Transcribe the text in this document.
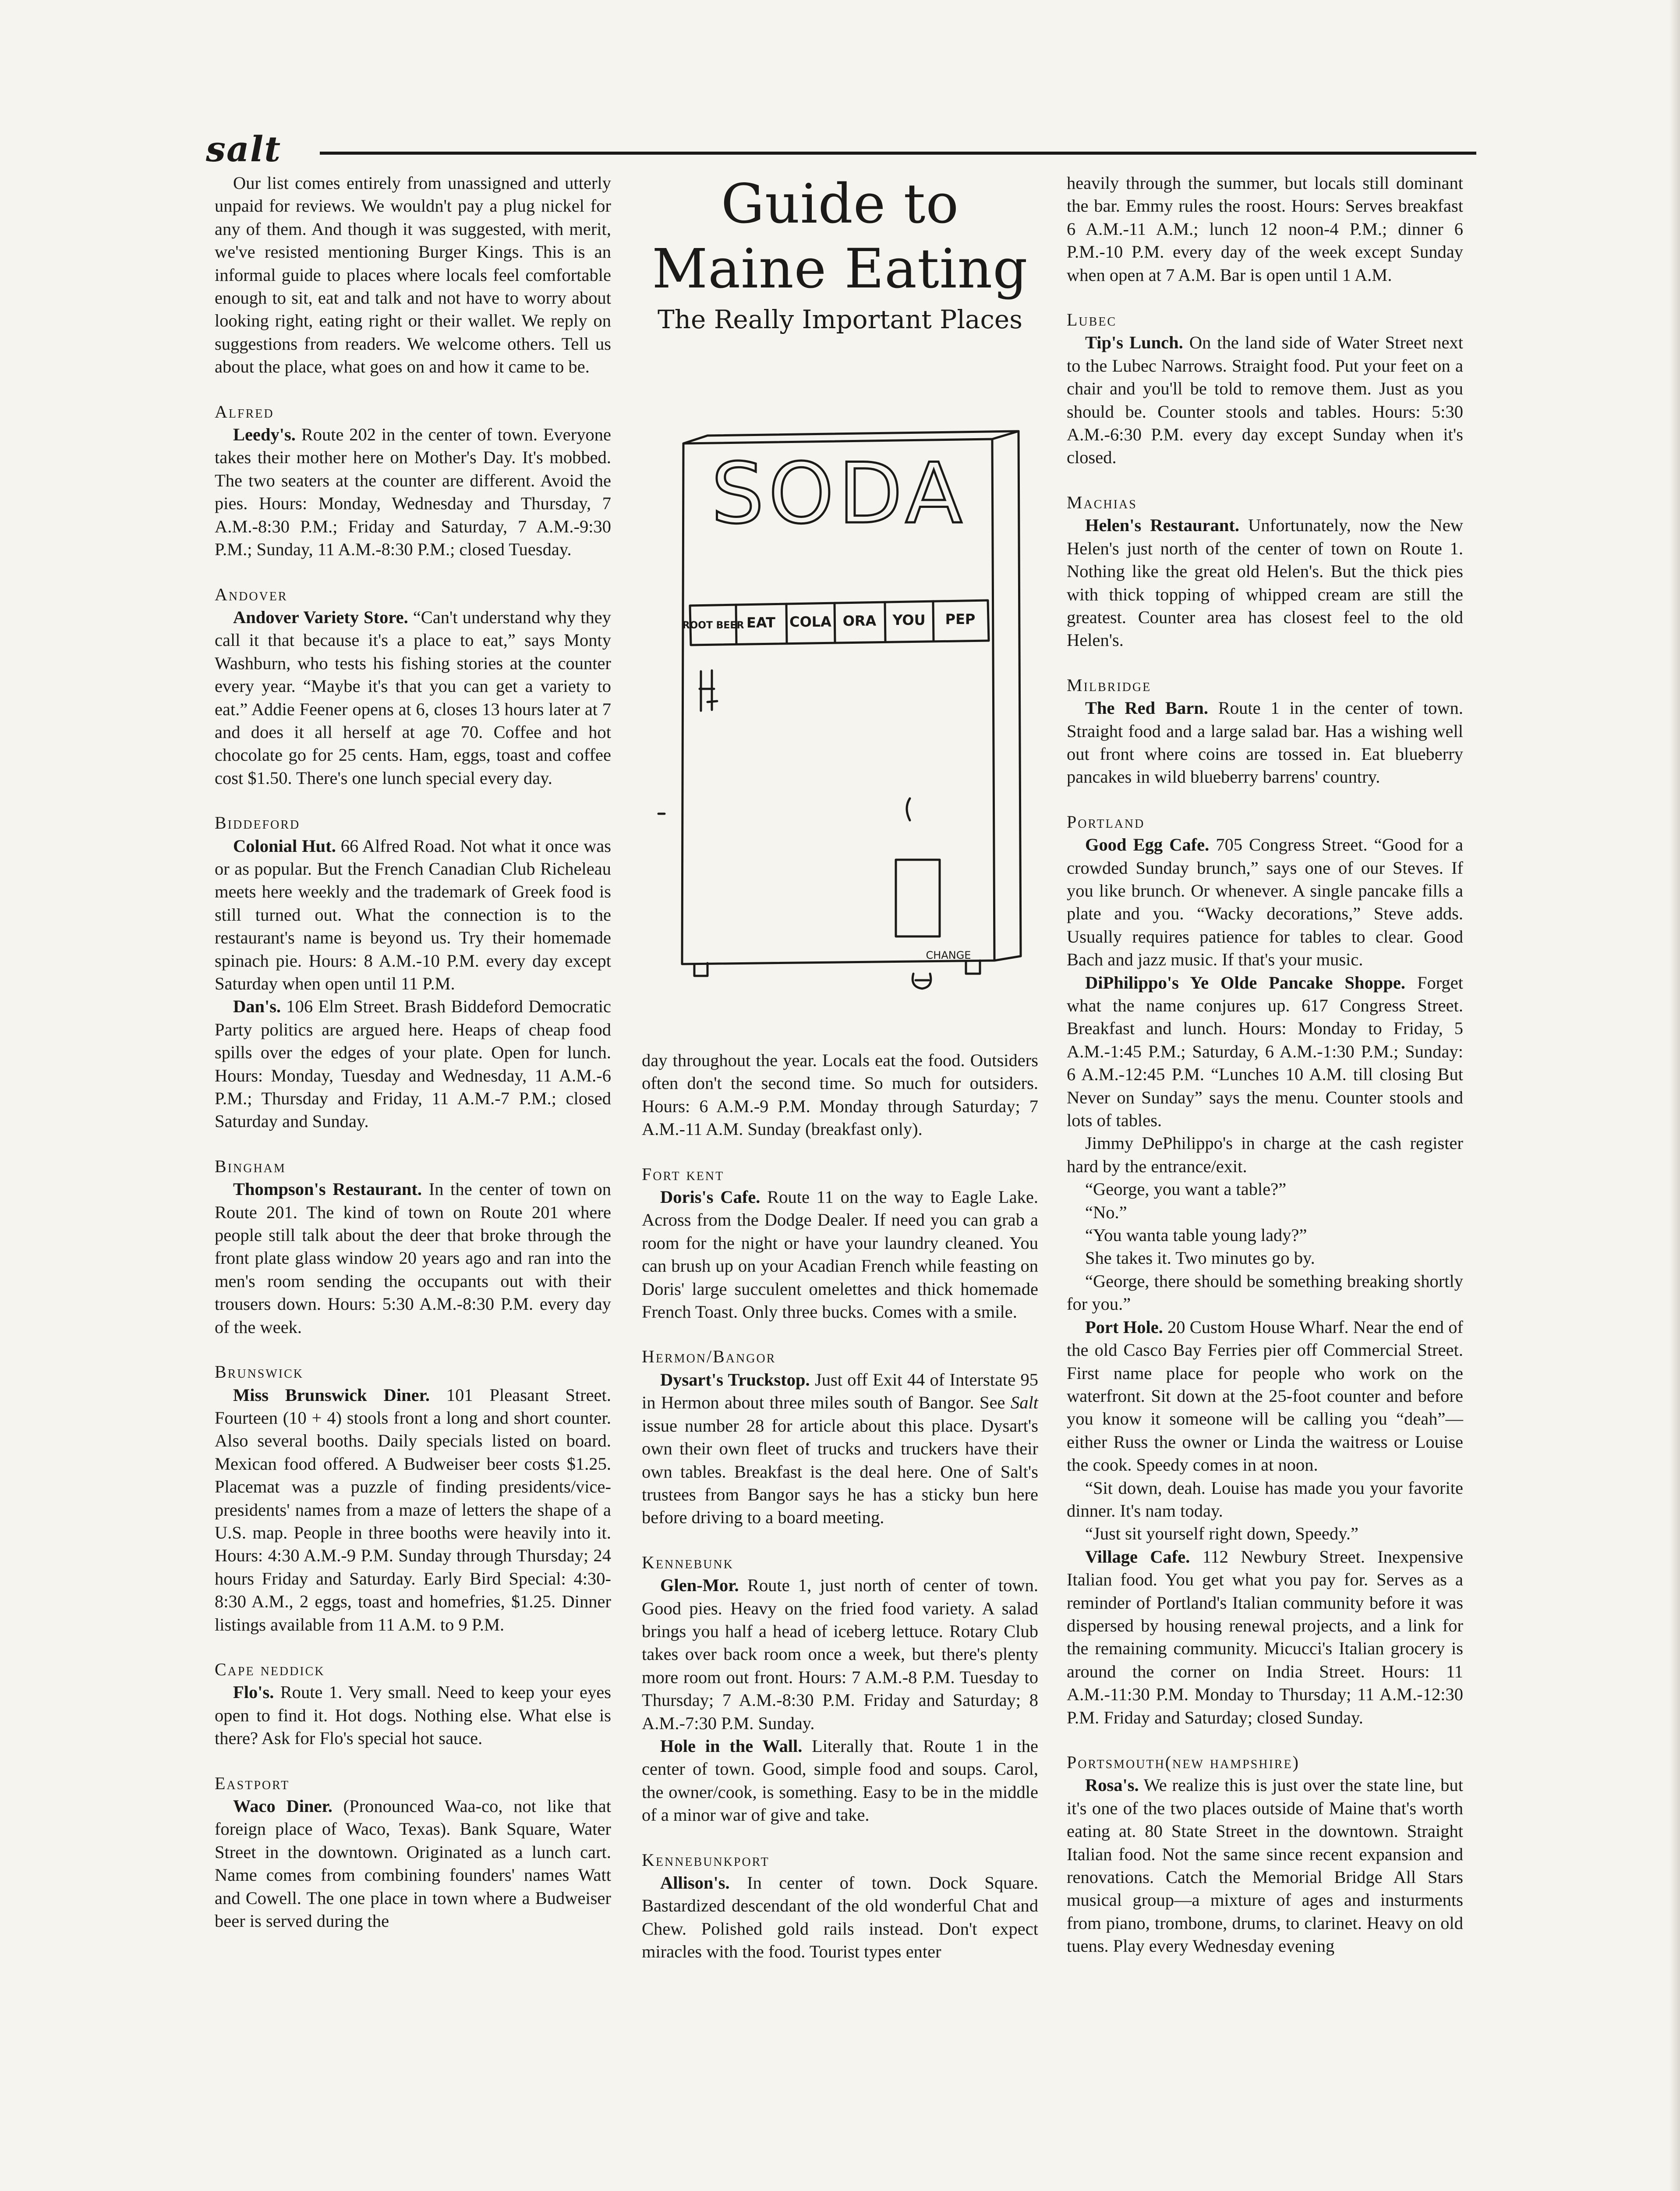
salt

Our list comes entirely from unassigned and utterly unpaid for reviews. We wouldn't pay a plug nickel for any of them. And though it was suggested, with merit, we've resisted mentioning Burger Kings. This is an informal guide to places where locals feel comfortable enough to sit, eat and talk and not have to worry about looking right, eating right or their wallet. We reply on suggestions from readers. We welcome others. Tell us about the place, what goes on and how it came to be.

Alfred

Leedy's. Route 202 in the center of town. Everyone takes their mother here on Mother's Day. It's mobbed. The two seaters at the counter are different. Avoid the pies. Hours: Monday, Wednesday and Thursday, 7 A.M.-8:30 P.M.; Friday and Saturday, 7 A.M.-9:30 P.M.; Sunday, 11 A.M.-8:30 P.M.; closed Tuesday.

Andover

Andover Variety Store. “Can't understand why they call it that because it's a place to eat,” says Monty Washburn, who tests his fishing stories at the counter every year. “Maybe it's that you can get a variety to eat.” Addie Feener opens at 6, closes 13 hours later at 7 and does it all herself at age 70. Coffee and hot chocolate go for 25 cents. Ham, eggs, toast and coffee cost $1.50. There's one lunch special every day.

Biddeford

Colonial Hut. 66 Alfred Road. Not what it once was or as popular. But the French Canadian Club Richeleau meets here weekly and the trademark of Greek food is still turned out. What the connection is to the restaurant's name is beyond us. Try their homemade spinach pie. Hours: 8 A.M.-10 P.M. every day except Saturday when open until 11 P.M.

Dan's. 106 Elm Street. Brash Biddeford Democratic Party politics are argued here. Heaps of cheap food spills over the edges of your plate. Open for lunch. Hours: Monday, Tuesday and Wednesday, 11 A.M.-6 P.M.; Thursday and Friday, 11 A.M.-7 P.M.; closed Saturday and Sunday.

Bingham

Thompson's Restaurant. In the center of town on Route 201. The kind of town on Route 201 where people still talk about the deer that broke through the front plate glass window 20 years ago and ran into the men's room sending the occupants out with their trousers down. Hours: 5:30 A.M.-8:30 P.M. every day of the week.

Brunswick

Miss Brunswick Diner. 101 Pleasant Street. Fourteen (10 + 4) stools front a long and short counter. Also several booths. Daily specials listed on board. Mexican food offered. A Budweiser beer costs $1.25. Placemat was a puzzle of finding presidents/vice-presidents' names from a maze of letters the shape of a U.S. map. People in three booths were heavily into it. Hours: 4:30 A.M.-9 P.M. Sunday through Thursday; 24 hours Friday and Saturday. Early Bird Special: 4:30-8:30 A.M., 2 eggs, toast and homefries, $1.25. Dinner listings available from 11 A.M. to 9 P.M.

Cape neddick

Flo's. Route 1. Very small. Need to keep your eyes open to find it. Hot dogs. Nothing else. What else is there? Ask for Flo's special hot sauce.

Eastport

Waco Diner. (Pronounced Waa-co, not like that foreign place of Waco, Texas). Bank Square, Water Street in the downtown. Originated as a lunch cart. Name comes from combining founders' names Watt and Cowell. The one place in town where a Budweiser beer is served during the

Guide to
Maine Eating
The Really Important Places
SODA
ROOT BEER EAT COLA ORA YOU PEP
CHANGE

day throughout the year. Locals eat the food. Outsiders often don't the second time. So much for outsiders. Hours: 6 A.M.-9 P.M. Monday through Saturday; 7 A.M.-11 A.M. Sunday (breakfast only).

Fort kent

Doris's Cafe. Route 11 on the way to Eagle Lake. Across from the Dodge Dealer. If need you can grab a room for the night or have your laundry cleaned. You can brush up on your Acadian French while feasting on Doris' large succulent omelettes and thick homemade French Toast. Only three bucks. Comes with a smile.

Hermon/Bangor

Dysart's Truckstop. Just off Exit 44 of Interstate 95 in Hermon about three miles south of Bangor. See Salt issue number 28 for article about this place. Dysart's own their own fleet of trucks and truckers have their own tables. Breakfast is the deal here. One of Salt's trustees from Bangor says he has a sticky bun here before driving to a board meeting.

Kennebunk

Glen-Mor. Route 1, just north of center of town. Good pies. Heavy on the fried food variety. A salad brings you half a head of iceberg lettuce. Rotary Club takes over back room once a week, but there's plenty more room out front. Hours: 7 A.M.-8 P.M. Tuesday to Thursday; 7 A.M.-8:30 P.M. Friday and Saturday; 8 A.M.-7:30 P.M. Sunday.

Hole in the Wall. Literally that. Route 1 in the center of town. Good, simple food and soups. Carol, the owner/cook, is something. Easy to be in the middle of a minor war of give and take.

Kennebunkport

Allison's. In center of town. Dock Square. Bastardized descendant of the old wonderful Chat and Chew. Polished gold rails instead. Don't expect miracles with the food. Tourist types enter

heavily through the summer, but locals still dominant the bar. Emmy rules the roost. Hours: Serves breakfast 6 A.M.-11 A.M.; lunch 12 noon-4 P.M.; dinner 6 P.M.-10 P.M. every day of the week except Sunday when open at 7 A.M. Bar is open until 1 A.M.

Lubec

Tip's Lunch. On the land side of Water Street next to the Lubec Narrows. Straight food. Put your feet on a chair and you'll be told to remove them. Just as you should be. Counter stools and tables. Hours: 5:30 A.M.-6:30 P.M. every day except Sunday when it's closed.

Machias

Helen's Restaurant. Unfortunately, now the New Helen's just north of the center of town on Route 1. Nothing like the great old Helen's. But the thick pies with thick topping of whipped cream are still the greatest. Counter area has closest feel to the old Helen's.

Milbridge

The Red Barn. Route 1 in the center of town. Straight food and a large salad bar. Has a wishing well out front where coins are tossed in. Eat blueberry pancakes in wild blueberry barrens' country.

Portland

Good Egg Cafe. 705 Congress Street. “Good for a crowded Sunday brunch,” says one of our Steves. If you like brunch. Or whenever. A single pancake fills a plate and you. “Wacky decorations,” Steve adds. Usually requires patience for tables to clear. Good Bach and jazz music. If that's your music.

DiPhilippo's Ye Olde Pancake Shoppe. Forget what the name conjures up. 617 Congress Street. Breakfast and lunch. Hours: Monday to Friday, 5 A.M.-1:45 P.M.; Saturday, 6 A.M.-1:30 P.M.; Sunday: 6 A.M.-12:45 P.M. “Lunches 10 A.M. till closing But Never on Sunday” says the menu. Counter stools and lots of tables.

Jimmy DePhilippo's in charge at the cash register hard by the entrance/exit.

“George, you want a table?”

“No.”

“You wanta table young lady?”

She takes it. Two minutes go by.

“George, there should be something breaking shortly for you.”

Port Hole. 20 Custom House Wharf. Near the end of the old Casco Bay Ferries pier off Commercial Street. First name place for people who work on the waterfront. Sit down at the 25-foot counter and before you know it someone will be calling you “deah”—either Russ the owner or Linda the waitress or Louise the cook. Speedy comes in at noon.

“Sit down, deah. Louise has made you your favorite dinner. It's nam today.

“Just sit yourself right down, Speedy.”

Village Cafe. 112 Newbury Street. Inexpensive Italian food. You get what you pay for. Serves as a reminder of Portland's Italian community before it was dispersed by housing renewal projects, and a link for the remaining community. Micucci's Italian grocery is around the corner on India Street. Hours: 11 A.M.-11:30 P.M. Monday to Thursday; 11 A.M.-12:30 P.M. Friday and Saturday; closed Sunday.

Portsmouth(new hampshire)

Rosa's. We realize this is just over the state line, but it's one of the two places outside of Maine that's worth eating at. 80 State Street in the downtown. Straight Italian food. Not the same since recent expansion and renovations. Catch the Memorial Bridge All Stars musical group—a mixture of ages and insturments from piano, trombone, drums, to clarinet. Heavy on old tuens. Play every Wednesday evening
